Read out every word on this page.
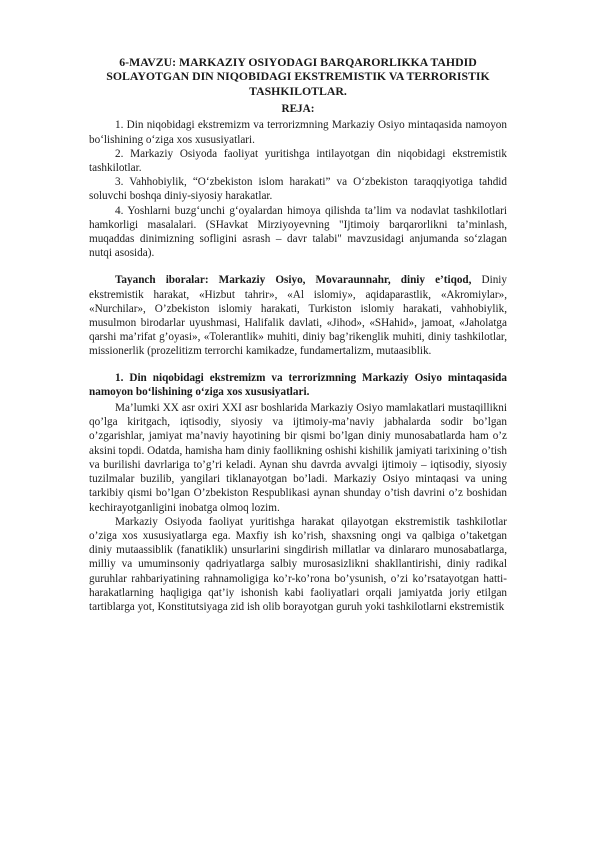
6-MAVZU: MARKAZIY OSIYODAGI BARQARORLIKKA TAHDID SOLAYOTGAN DIN NIQOBIDAGI EKSTREMISTIK VA TERRORISTIK TASHKILOTLAR.
REJA:

1. Din niqobidagi ekstremizm va terrorizmning Markaziy Osiyo mintaqasida namoyon bo‘lishining o‘ziga xos xususiyatlari.

2. Markaziy Osiyoda faoliyat yuritishga intilayotgan din niqobidagi ekstremistik tashkilotlar.

3. Vahhobiylik, “O‘zbekiston islom harakati” va O‘zbekiston taraqqiyotiga tahdid soluvchi boshqa diniy-siyosiy harakatlar.

4. Yoshlarni buzg‘unchi g‘oyalardan himoya qilishda ta’lim va nodavlat tashkilotlari hamkorligi masalalari. (SHavkat Mirziyoyevning "Ijtimoiy barqarorlikni ta’minlash, muqaddas dinimizning sofligini asrash – davr talabi" mavzusidagi anjumanda so‘zlagan nutqi asosida).

Tayanch iboralar: Markaziy Osiyo, Movaraunnahr, diniy e’tiqod, Diniy ekstremistik harakat, «Hizbut tahrir», «Al islomiy», aqidaparastlik, «Akromiylar», «Nurchilar», O’zbekiston islomiy harakati, Turkiston islomiy harakati, vahhobiylik, musulmon birodarlar uyushmasi, Halifalik davlati, «Jihod», «SHahid», jamoat, «Jaholatga qarshi ma’rifat g’oyasi», «Tolerantlik» muhiti, diniy bag’rikenglik muhiti, diniy tashkilotlar, missionerlik (prozelitizm terrorchi kamikadze, fundamertalizm, mutaasiblik.

1. Din niqobidagi ekstremizm va terrorizmning Markaziy Osiyo mintaqasida namoyon bo‘lishining o‘ziga xos xususiyatlari.

Ma’lumki XX asr oxiri XXI asr boshlarida Markaziy Osiyo mamlakatlari mustaqillikni qo’lga kiritgach, iqtisodiy, siyosiy va ijtimoiy-ma’naviy jabhalarda sodir bo’lgan o’zgarishlar, jamiyat ma’naviy hayotining bir qismi bo’lgan diniy munosabatlarda ham o’z aksini topdi. Odatda, hamisha ham diniy faollikning oshishi kishilik jamiyati tarixining o’tish va burilishi davrlariga to’g’ri keladi. Aynan shu davrda avvalgi ijtimoiy – iqtisodiy, siyosiy tuzilmalar buzilib, yangilari tiklanayotgan bo’ladi. Markaziy Osiyo mintaqasi va uning tarkibiy qismi bo’lgan O’zbekiston Respublikasi aynan shunday o’tish davrini o’z boshidan kechirayotganligini inobatga olmoq lozim.

Markaziy Osiyoda faoliyat yuritishga harakat qilayotgan ekstremistik tashkilotlar o’ziga xos xususiyatlarga ega. Maxfiy ish ko’rish, shaxsning ongi va qalbiga o’taketgan diniy mutaassiblik (fanatiklik) unsurlarini singdirish millatlar va dinlararo munosabatlarga, milliy va umuminsoniy qadriyatlarga salbiy murosasizlikni shakllantirishi, diniy radikal guruhlar rahbariyatining rahnamoligiga ko’r-ko’rona bo’ysunish, o’zi ko’rsatayotgan hatti-harakatlarning haqligiga qat’iy ishonish kabi faoliyatlari orqali jamiyatda joriy etilgan tartiblarga yot, Konstitutsiyaga zid ish olib borayotgan guruh yoki tashkilotlarni ekstremistik
